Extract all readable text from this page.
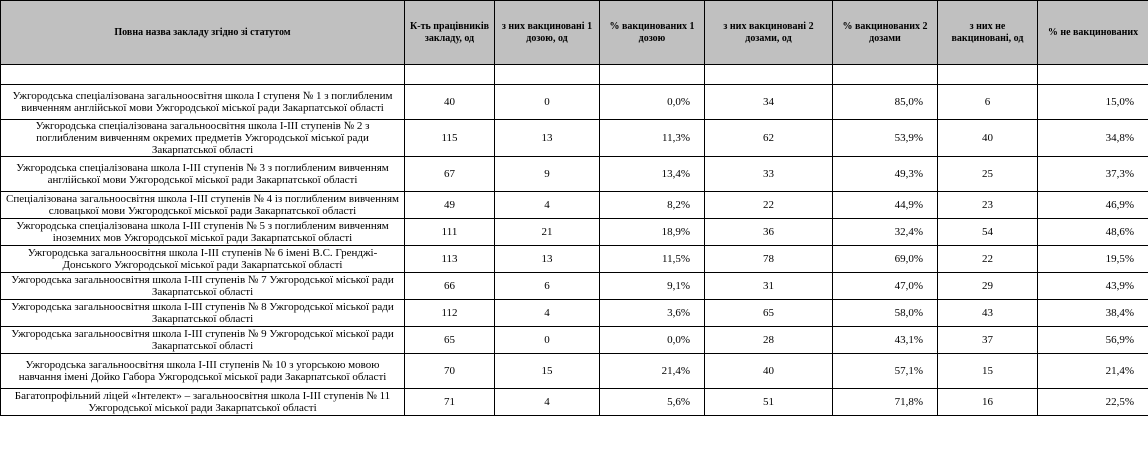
Повна назва закладу згідно зі статутом	К-ть працівників закладу, од	з них вакциновані 1 дозою, од	% вакцинованих 1 дозою	з них вакциновані 2 дозами, од	% вакцинованих 2 дозами	з них не вакциновані, од	% не вакцинованих

Ужгородська спеціалізована загальноосвітня школа І ступеня № 1 з поглибленим вивченням англійської мови Ужгородської міської ради Закарпатської області	40	0	0,0%	34	85,0%	6	15,0%
Ужгородська спеціалізована загальноосвітня школа І-ІІІ ступенів № 2 з поглибленим вивченням окремих предметів Ужгородської міської ради Закарпатської області	115	13	11,3%	62	53,9%	40	34,8%
Ужгородська спеціалізована школа І-ІІІ ступенів № 3 з поглибленим вивченням англійської мови Ужгородської міської ради Закарпатської області	67	9	13,4%	33	49,3%	25	37,3%
Спеціалізована загальноосвітня школа І-ІІІ ступенів № 4 із поглибленим вивченням словацької мови Ужгородської міської ради Закарпатської області	49	4	8,2%	22	44,9%	23	46,9%
Ужгородська спеціалізована школа І-ІІІ ступенів № 5 з поглибленим вивченням іноземних мов Ужгородської міської ради Закарпатської області	111	21	18,9%	36	32,4%	54	48,6%
Ужгородська загальноосвітня школа І-ІІІ ступенів № 6 імені В.С. Гренджі-Донського Ужгородської міської ради Закарпатської області	113	13	11,5%	78	69,0%	22	19,5%
Ужгородська загальноосвітня школа І-ІІІ ступенів № 7 Ужгородської міської ради Закарпатської області	66	6	9,1%	31	47,0%	29	43,9%
Ужгородська загальноосвітня школа І-ІІІ ступенів № 8 Ужгородської міської ради Закарпатської області	112	4	3,6%	65	58,0%	43	38,4%
Ужгородська загальноосвітня школа І-ІІІ ступенів № 9 Ужгородської міської ради Закарпатської області	65	0	0,0%	28	43,1%	37	56,9%
Ужгородська загальноосвітня школа І-ІІІ ступенів № 10 з угорською мовою навчання імені Дойко Габора Ужгородської міської ради Закарпатської області	70	15	21,4%	40	57,1%	15	21,4%
Багатопрофільний ліцей «Інтелект» – загальноосвітня школа І-ІІІ ступенів № 11 Ужгородської міської ради Закарпатської області	71	4	5,6%	51	71,8%	16	22,5%
